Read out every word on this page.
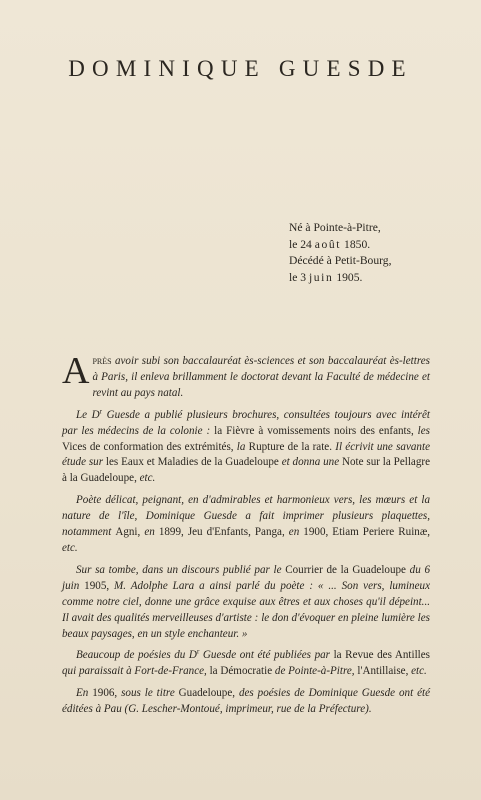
DOMINIQUE GUESDE
Né à Pointe-à-Pitre,
le 24 août 1850.
Décédé à Petit-Bourg,
le 3 juin 1905.

Après avoir subi son baccalauréat ès-sciences et son baccalauréat ès-lettres à Paris, il enleva brillamment le doctorat devant la Faculté de médecine et revint au pays natal.

Le $D^r$ Guesde a publié plusieurs brochures, consultées toujours avec intérêt par les médecins de la colonie : la Fièvre à vomissements noirs des enfants, les Vices de conformation des extrémités, la Rupture de la rate. Il écrivit une savante étude sur les Eaux et Maladies de la Guadeloupe et donna une Note sur la Pellagre à la Guadeloupe, etc.

Poète délicat, peignant, en d'admirables et harmonieux vers, les mœurs et la nature de l'île, Dominique Guesde a fait imprimer plusieurs plaquettes, notamment Agni, en 1899, Jeu d'Enfants, Panga, en 1900, Etiam Periere Ruinæ, etc.

Sur sa tombe, dans un discours publié par le Courrier de la Guadeloupe du 6 juin 1905, M. Adolphe Lara a ainsi parlé du poète : « ... Son vers, lumineux comme notre ciel, donne une grâce exquise aux êtres et aux choses qu'il dépeint... Il avait des qualités merveilleuses d'artiste : le don d'évoquer en pleine lumière les beaux paysages, en un style enchanteur. »

Beaucoup de poésies du $D^r$ Guesde ont été publiées par la Revue des Antilles qui paraissait à Fort-de-France, la Démocratie de Pointe-à-Pitre, l'Antillaise, etc.

En 1906, sous le titre Guadeloupe, des poésies de Dominique Guesde ont été éditées à Pau (G. Lescher-Montoué, imprimeur, rue de la Préfecture).
